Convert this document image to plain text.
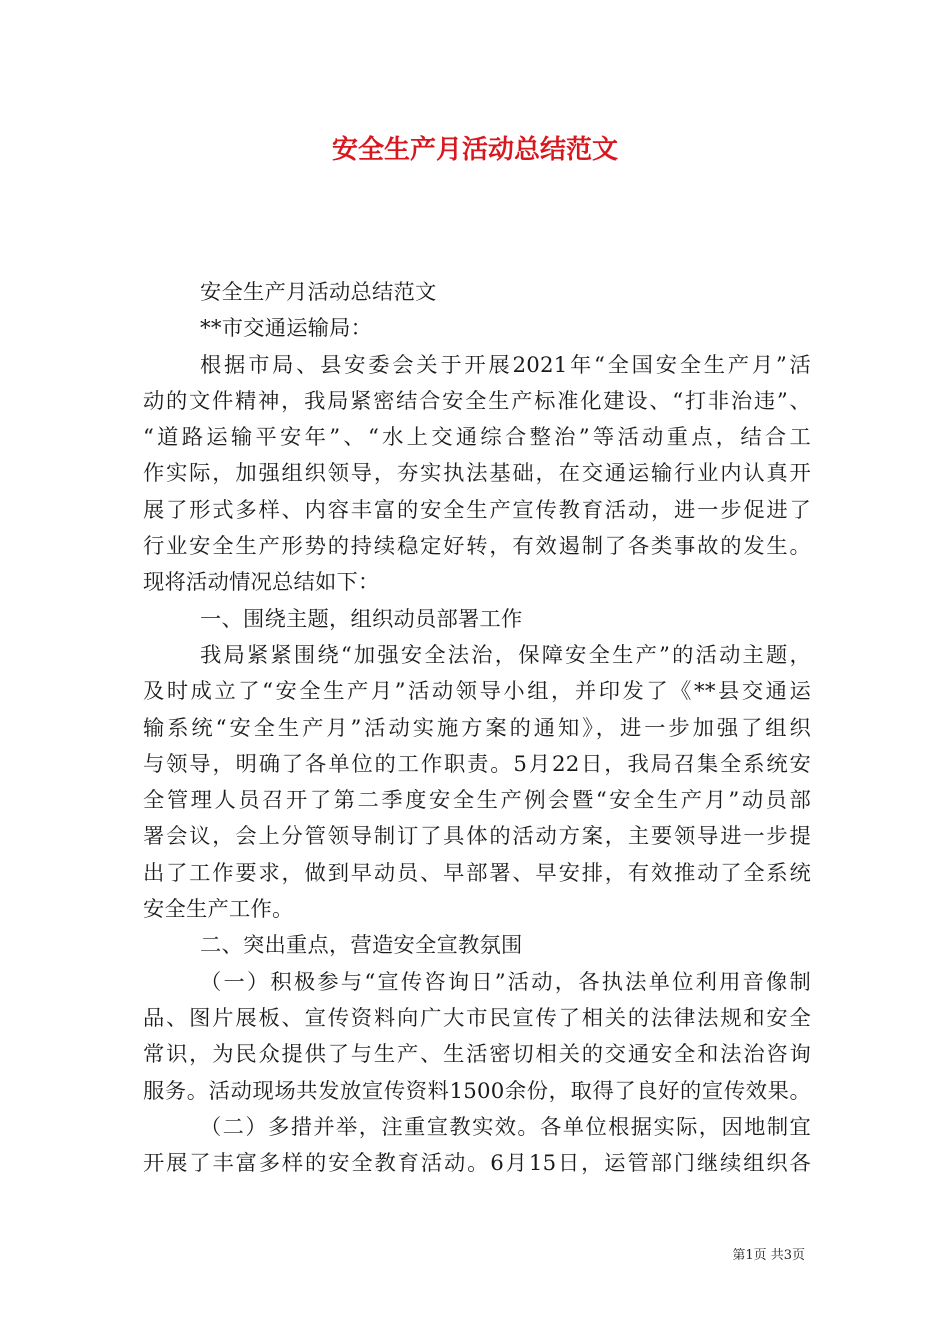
安全生产月活动总结范文
安全生产月活动总结范文
**市交通运输局：
根据市局、县安委会关于开展2021年“全国安全生产月”活
动的文件精神，我局紧密结合安全生产标准化建设、“打非治违”、
“道路运输平安年”、“水上交通综合整治”等活动重点，结合工
作实际，加强组织领导，夯实执法基础，在交通运输行业内认真开
展了形式多样、内容丰富的安全生产宣传教育活动，进一步促进了
行业安全生产形势的持续稳定好转，有效遏制了各类事故的发生。
现将活动情况总结如下：
一、围绕主题，组织动员部署工作
我局紧紧围绕“加强安全法治，保障安全生产”的活动主题，
及时成立了“安全生产月”活动领导小组，并印发了《**县交通运
输系统“安全生产月”活动实施方案的通知》，进一步加强了组织
与领导，明确了各单位的工作职责。5月22日，我局召集全系统安
全管理人员召开了第二季度安全生产例会暨“安全生产月”动员部
署会议，会上分管领导制订了具体的活动方案，主要领导进一步提
出了工作要求，做到早动员、早部署、早安排，有效推动了全系统
安全生产工作。
二、突出重点，营造安全宣教氛围
（一）积极参与“宣传咨询日”活动，各执法单位利用音像制
品、图片展板、宣传资料向广大市民宣传了相关的法律法规和安全
常识，为民众提供了与生产、生活密切相关的交通安全和法治咨询
服务。活动现场共发放宣传资料1500余份，取得了良好的宣传效果。
（二）多措并举，注重宣教实效。各单位根据实际，因地制宜
开展了丰富多样的安全教育活动。6月15日，运管部门继续组织各
第1页 共3页
